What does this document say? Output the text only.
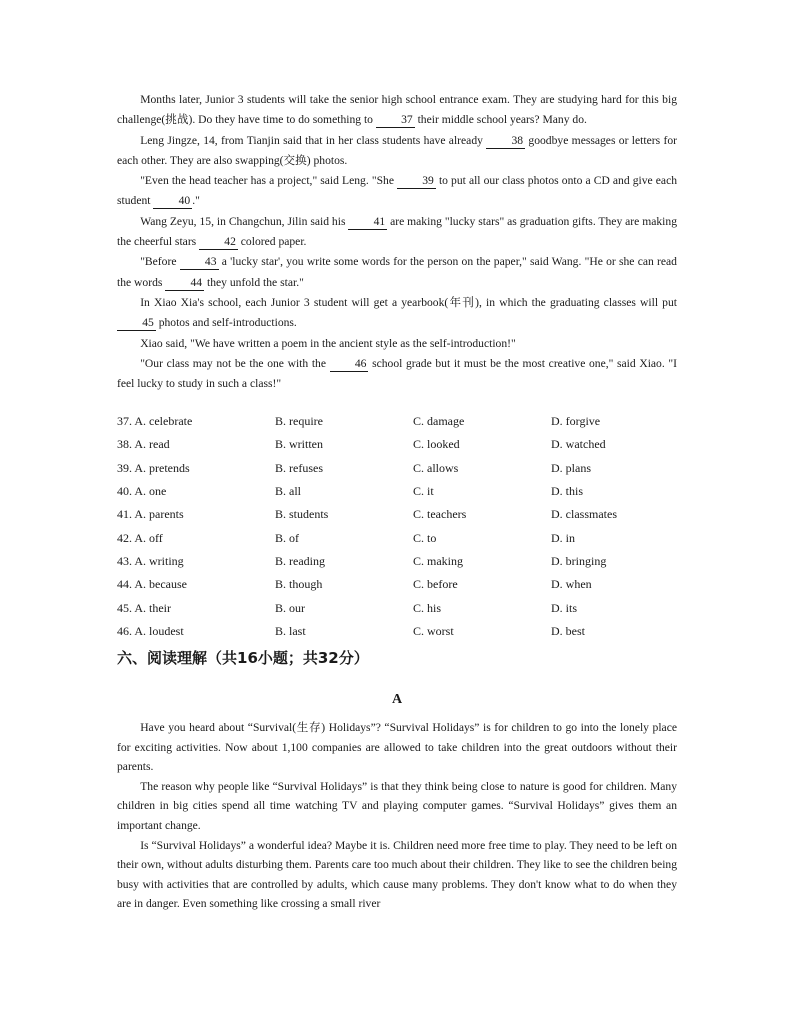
Months later, Junior 3 students will take the senior high school entrance exam. They are studying hard for this big challenge(挑战). Do they have time to do something to 37 their middle school years? Many do.

Leng Jingze, 14, from Tianjin said that in her class students have already 38 goodbye messages or letters for each other. They are also swapping(交换) photos.

"Even the head teacher has a project," said Leng. "She 39 to put all our class photos onto a CD and give each student 40 ."

Wang Zeyu, 15, in Changchun, Jilin said his 41 are making "lucky stars" as graduation gifts. They are making the cheerful stars 42 colored paper.

"Before 43 a 'lucky star', you write some words for the person on the paper," said Wang. "He or she can read the words 44 they unfold the star."

In Xiao Xia's school, each Junior 3 student will get a yearbook(年刊), in which the graduating classes will put 45 photos and self-introductions.

Xiao said, "We have written a poem in the ancient style as the self-introduction!"

"Our class may not be the one with the 46 school grade but it must be the most creative one," said Xiao. "I feel lucky to study in such a class!"

37. A. celebrate	B. require	C. damage	D. forgive
38. A. read	B. written	C. looked	D. watched
39. A. pretends	B. refuses	C. allows	D. plans
40. A. one	B. all	C. it	D. this
41. A. parents	B. students	C. teachers	D. classmates
42. A. off	B. of	C. to	D. in
43. A. writing	B. reading	C. making	D. bringing
44. A. because	B. though	C. before	D. when
45. A. their	B. our	C. his	D. its
46. A. loudest	B. last	C. worst	D. best
六、阅读理解（共16小题；共32分）
A

Have you heard about “Survival(生存) Holidays”? “Survival Holidays” is for children to go into the lonely place for exciting activities. Now about 1,100 companies are allowed to take children into the great outdoors without their parents.

The reason why people like “Survival Holidays” is that they think being close to nature is good for children. Many children in big cities spend all time watching TV and playing computer games. “Survival Holidays” gives them an important change.

Is “Survival Holidays” a wonderful idea? Maybe it is. Children need more free time to play. They need to be left on their own, without adults disturbing them. Parents care too much about their children. They like to see the children being busy with activities that are controlled by adults, which cause many problems. They don't know what to do when they are in danger. Even something like crossing a small river
